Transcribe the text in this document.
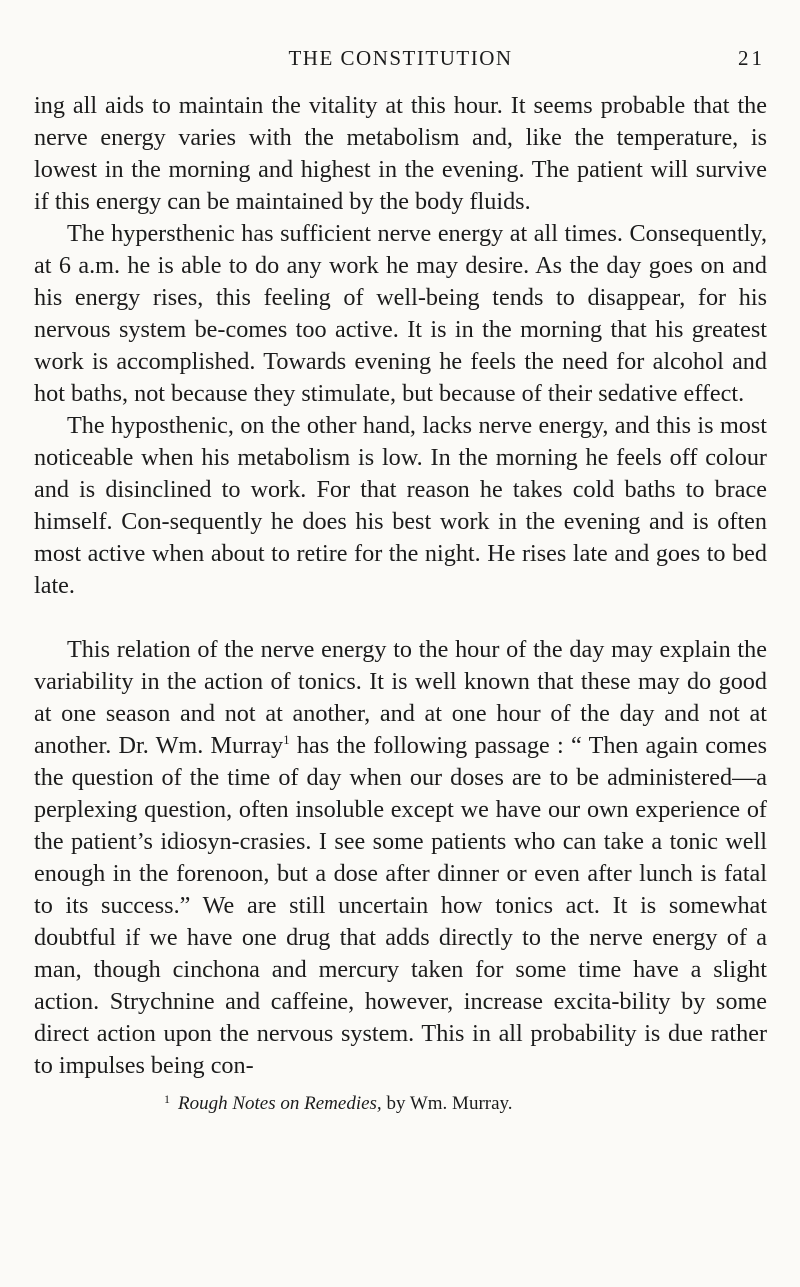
THE CONSTITUTION	21

ing all aids to maintain the vitality at this hour. It seems probable that the nerve energy varies with the metabolism and, like the temperature, is lowest in the morning and highest in the evening. The patient will survive if this energy can be maintained by the body fluids.

The hypersthenic has sufficient nerve energy at all times. Consequently, at 6 a.m. he is able to do any work he may desire. As the day goes on and his energy rises, this feeling of well-being tends to disappear, for his nervous system be-comes too active. It is in the morning that his greatest work is accomplished. Towards evening he feels the need for alcohol and hot baths, not because they stimulate, but because of their sedative effect.

The hyposthenic, on the other hand, lacks nerve energy, and this is most noticeable when his metabolism is low. In the morning he feels off colour and is disinclined to work. For that reason he takes cold baths to brace himself. Con-sequently he does his best work in the evening and is often most active when about to retire for the night. He rises late and goes to bed late.

This relation of the nerve energy to the hour of the day may explain the variability in the action of tonics. It is well known that these may do good at one season and not at another, and at one hour of the day and not at another. Dr. Wm. Murray$^1$ has the following passage : “ Then again comes the question of the time of day when our doses are to be administered—a perplexing question, often insoluble except we have our own experience of the patient’s idiosyn-crasies. I see some patients who can take a tonic well enough in the forenoon, but a dose after dinner or even after lunch is fatal to its success.” We are still uncertain how tonics act. It is somewhat doubtful if we have one drug that adds directly to the nerve energy of a man, though cinchona and mercury taken for some time have a slight action. Strychnine and caffeine, however, increase excita-bility by some direct action upon the nervous system. This in all probability is due rather to impulses being con-

$^1$ Rough Notes on Remedies, by Wm. Murray.
